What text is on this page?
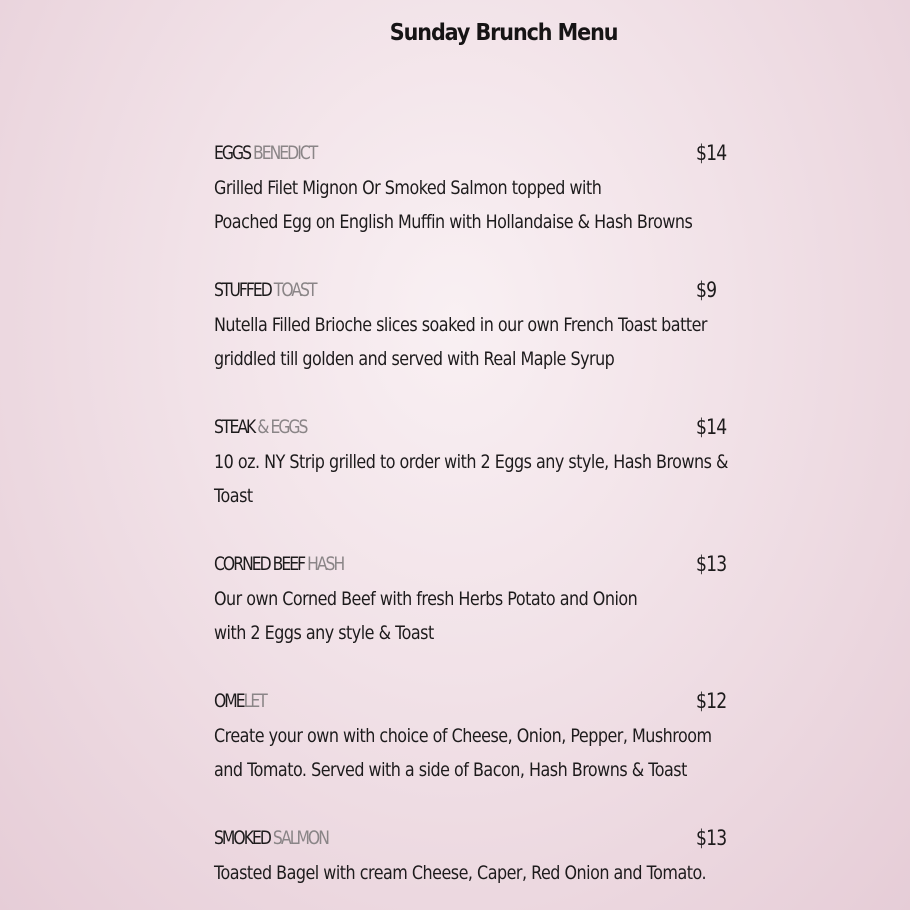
Sunday Brunch Menu
EGGS BENEDICT	$14
Grilled Filet Mignon Or Smoked Salmon topped with
Poached Egg on English Muffin with Hollandaise & Hash Browns
STUFFED TOAST	$9
Nutella Filled Brioche slices soaked in our own French Toast batter
griddled till golden and served with Real Maple Syrup
STEAK & EGGS	$14
10 oz. NY Strip grilled to order with 2 Eggs any style, Hash Browns &
Toast
CORNED BEEF HASH	$13
Our own Corned Beef with fresh Herbs Potato and Onion
with 2 Eggs any style & Toast
OMELET	$12
Create your own with choice of Cheese, Onion, Pepper, Mushroom
and Tomato. Served with a side of Bacon, Hash Browns & Toast
SMOKED SALMON	$13
Toasted Bagel with cream Cheese, Caper, Red Onion and Tomato.
